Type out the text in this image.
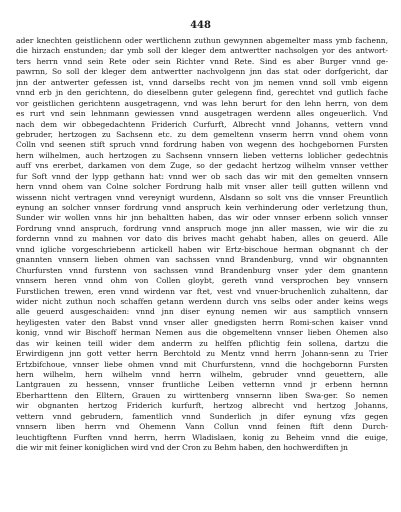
448
ader knechten geistlichenn oder wertlichenn zuthun gewynnen abgemelter mass ymb fachenn,
die hirzach enstunden; dar ymb soll der kleger dem antwertter nachsolgen yor des antwort-
ters herrn vnnd sein Rete oder sein Richter vnnd Rete. Sind es aber Burger vnnd ge-
pawrnn, So soll der kleger dem antwertter nachvolgenn jnn das stat oder dorfgericht, dar
jnn der antwerter gefessen ist, vnnd darselbs recht von jm nemen vnnd soll vmb eigenn
vnnd erb jn den gerichtenn, do dieselbenn guter gelegenn find, gerechtet vnd gutlich fache
vor geistlichen gerichtenn ausgetragenn, vnd was lehn berurt for den lehn herrn, von dem
es rurt vnd sein lehnmann gewiessen vnnd ausgetragen werdenn alles ongeuerlich. Vnd
nach dem wir obbegedachtenn Friderich Curfurft, Albrecht vnnd Johanns, vettern vnnd
gebruder, hertzogen zu Sachsenn etc. zu dem gemeltenn vnserm herrn vnnd ohem vonn
Colln vnd seenen stift spruch vnnd fordrung haben von wegenn des hochgebornen Fursten
hern wilhelmen, auch hertzogen zu Sachsenn vnnsern lieben vetterns loblicher gedechtnis
auff vns ererbet, darkamen von dem Zuge, so der gedacht hertzog wilhelm vnnser vetther
fur Soft vnnd der lypp gethann hat: vnnd wer ob sach das wir mit den gemelten vnnsern
hern vnnd ohem van Colne solcher Fordrung halb mit vnser aller teill gutten willenn vnd
wissenn nicht vertragen vnnd vereynigt wurdenn, Alsdann so solt vns die vnnser Freuntlich
eynung an solcher vnnser fordrung vnnd anspruch kein verhinderung oder verletzung thun,
Sunder wir wollen vnns hir jnn behaltten haben, das wir oder vnnser erbenn solich vnnser
Fordrung vnnd anspruch, fordrung vnnd anspruch moge jnn aller massen, wie wir die zu
fordernn vnnd zu mahnen vor dato dis brives macht gehabt haben, alles on geuerd. Alle
vnnd igliche vorgeschriebenn artickell haben wir Ertz-bischoue herman obgnannt ch der
gnannten vnnsern lieben ohmen van sachssen vnnd Brandenburg, vnnd wir obgnannten
Churfursten vnnd furstenn von sachssen vnnd Brandenburg vnser yder dem gnantenn
vnnsern heren vnnd ohm von Collen gloybt, gereth vnnd versprochen bey vnnsern
Furstlichen trewen, eren vnnd wirdenn var ftet, vest vnd vnuer-bruchenlich zuhaltenn, dar
wider nicht zuthun noch schaffen getann werdenn durch vns selbs oder ander keins wegs
alle geuerd ausgeschaiden: vnnd jnn diser eynung nemen wir aus samptlich vnnsern
heyligesten vater den Babst vnnd vnser aller gnedigsten herrn Romi-schen kaiser vnnd
konig, vnnd wir Bischoff herman Nemen aus die obgemeltenn vnnser lieben Ohemen also
das wir keinen teill wider dem anderrn zu helffen pflichtig fein sollena, dartzu die
Erwirdigenn jnn gott vetter herrn Berchtold zu Mentz vnnd herrn Johann-senn zu Trier
Ertzbifchoue, vnnser liebe ohmen vnnd mit Churfurstenn, vnnd die hochgebornn Fursten
hern wilhelm, hern wilhelm vnnd herrn wilhelm, gebruder vnnd geuettern, alle
Lantgrauen zu hessenn, vnnser fruntliche Leiben vetternn vnnd jr erbenn hernnn
Eberharttenn den Elltern, Grauen zu wirttenberg vnnsernn liben Swa-ger. So nemen
wir obgnanten hertzog Friderich kurfurft, hertzog albrecht vnd hertzog Johanns,
vettern vnnd gebrudern, famentlich vnnd Sunderlich jn difer eynung vfzs gegen
vnnsern liben herrn vnd Ohemenn Vann Collun vnnd feinen ftift denn Durch-
leuchtigftenn Furften vnnd herrn, herrn Wladislaen, konig zu Beheim vnnd die euige,
die wir mit feiner koniglichen wird vnd der Cron zu Behm haben, den hochwerdiften jn
